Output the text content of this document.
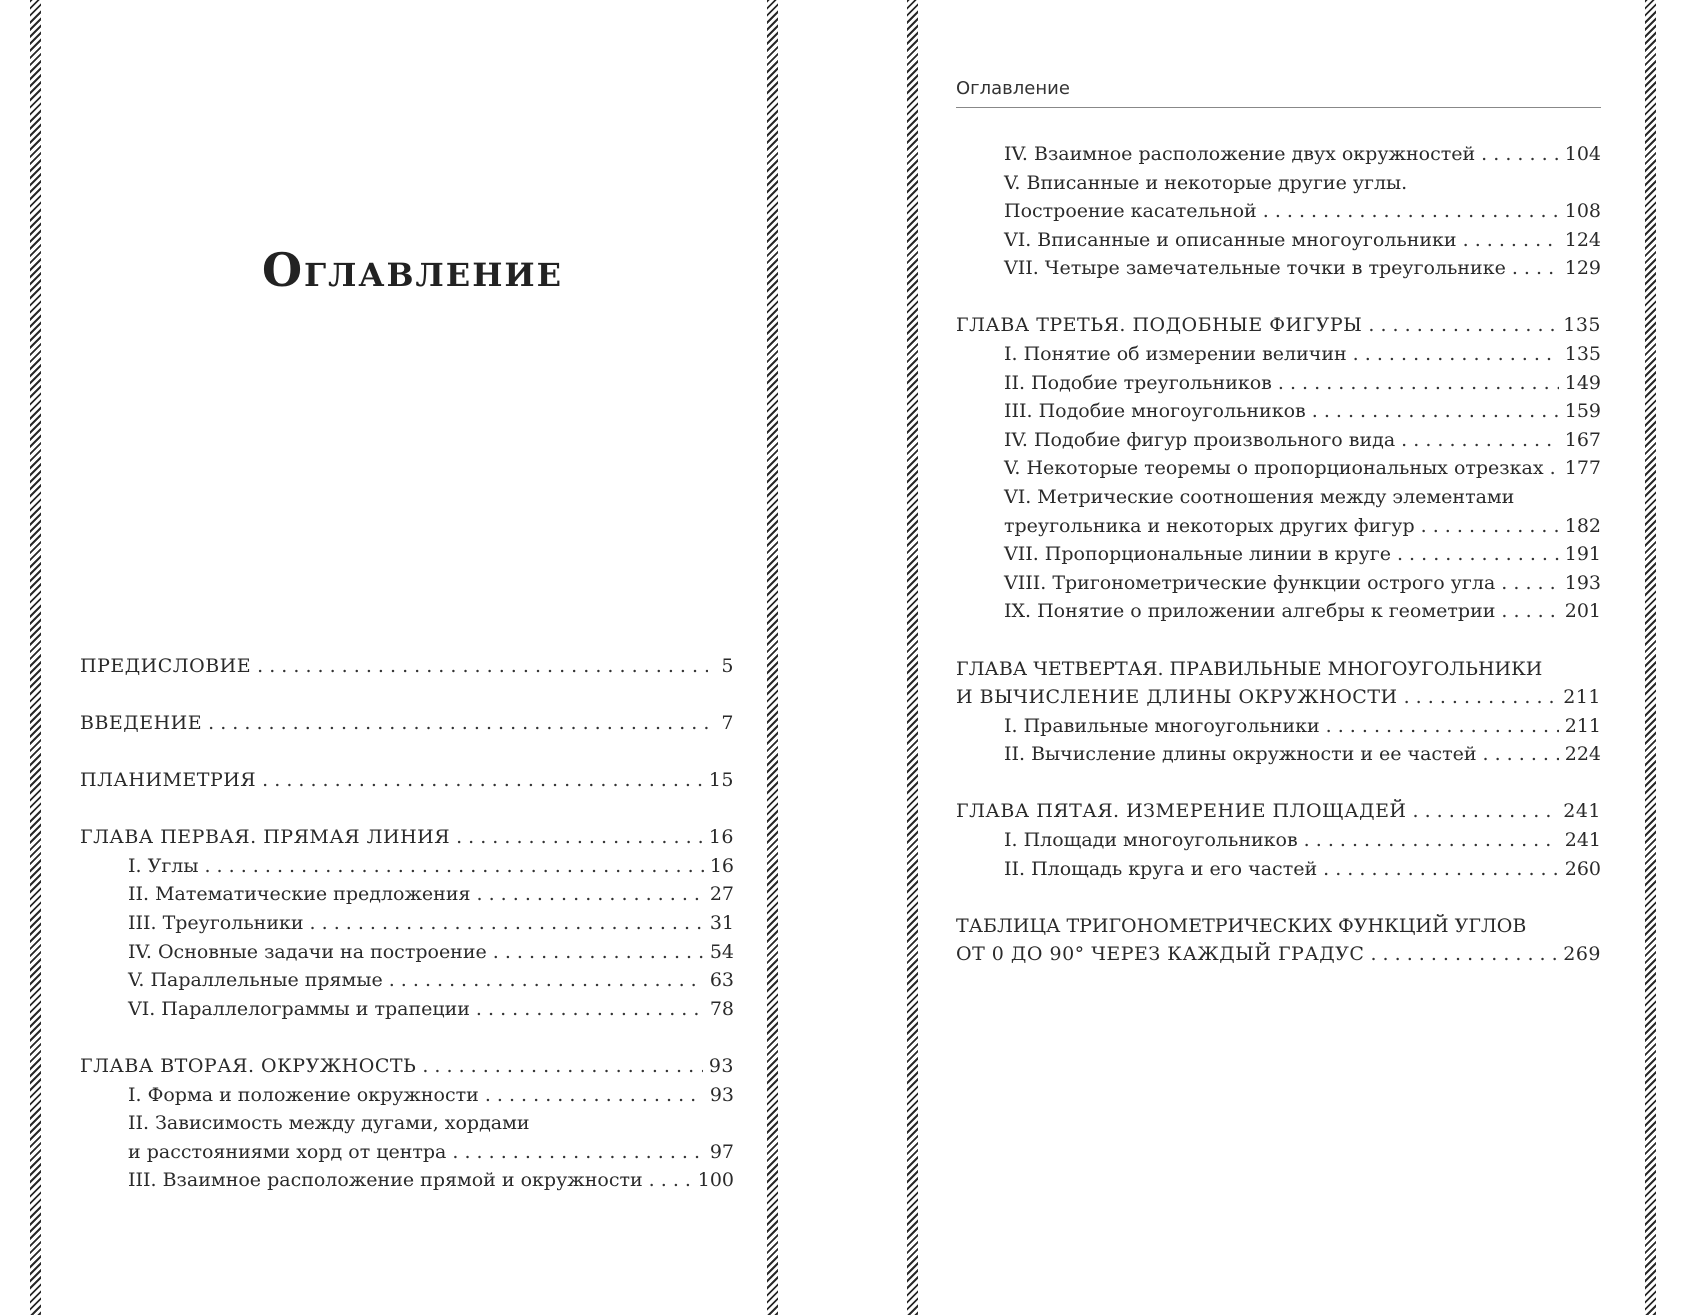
Оглавление
ПРЕДИСЛОВИЕ . . .	5
ВВЕДЕНИЕ . . .	7
ПЛАНИМЕТРИЯ . . .	15
ГЛАВА ПЕРВАЯ. ПРЯМАЯ ЛИНИЯ . . .	16
I. Углы . . .	16
II. Математические предложения . . .	27
III. Треугольники . . .	31
IV. Основные задачи на построение . . .	54
V. Параллельные прямые . . .	63
VI. Параллелограммы и трапеции . . .	78
ГЛАВА ВТОРАЯ. ОКРУЖНОСТЬ . . .	93
I. Форма и положение окружности . . .	93
II. Зависимость между дугами, хордами
и расстояниями хорд от центра . . .	97
III. Взаимное расположение прямой и окружности . . .	100
Оглавление
IV. Взаимное расположение двух окружностей . . .	104
V. Вписанные и некоторые другие углы.
Построение касательной . . .	108
VI. Вписанные и описанные многоугольники . . .	124
VII. Четыре замечательные точки в треугольнике . . .	129
ГЛАВА ТРЕТЬЯ. ПОДОБНЫЕ ФИГУРЫ . . .	135
I. Понятие об измерении величин . . .	135
II. Подобие треугольников . . .	149
III. Подобие многоугольников . . .	159
IV. Подобие фигур произвольного вида . . .	167
V. Некоторые теоремы о пропорциональных отрезках . . . 177
VI. Метрические соотношения между элементами
треугольника и некоторых других фигур . . .	182
VII. Пропорциональные линии в круге . . .	191
VIII. Тригонометрические функции острого угла . . .	193
IX. Понятие о приложении алгебры к геометрии . . .	201
ГЛАВА ЧЕТВЕРТАЯ. ПРАВИЛЬНЫЕ МНОГОУГОЛЬНИКИ
И ВЫЧИСЛЕНИЕ ДЛИНЫ ОКРУЖНОСТИ . . .	211
I. Правильные многоугольники . . .	211
II. Вычисление длины окружности и ее частей . . .	224
ГЛАВА ПЯТАЯ. ИЗМЕРЕНИЕ ПЛОЩАДЕЙ . . .	241
I. Площади многоугольников . . .	241
II. Площадь круга и его частей . . .	260
ТАБЛИЦА ТРИГОНОМЕТРИЧЕСКИХ ФУНКЦИЙ УГЛОВ
ОТ 0 ДО 90° ЧЕРЕЗ КАЖДЫЙ ГРАДУС . . .	269
